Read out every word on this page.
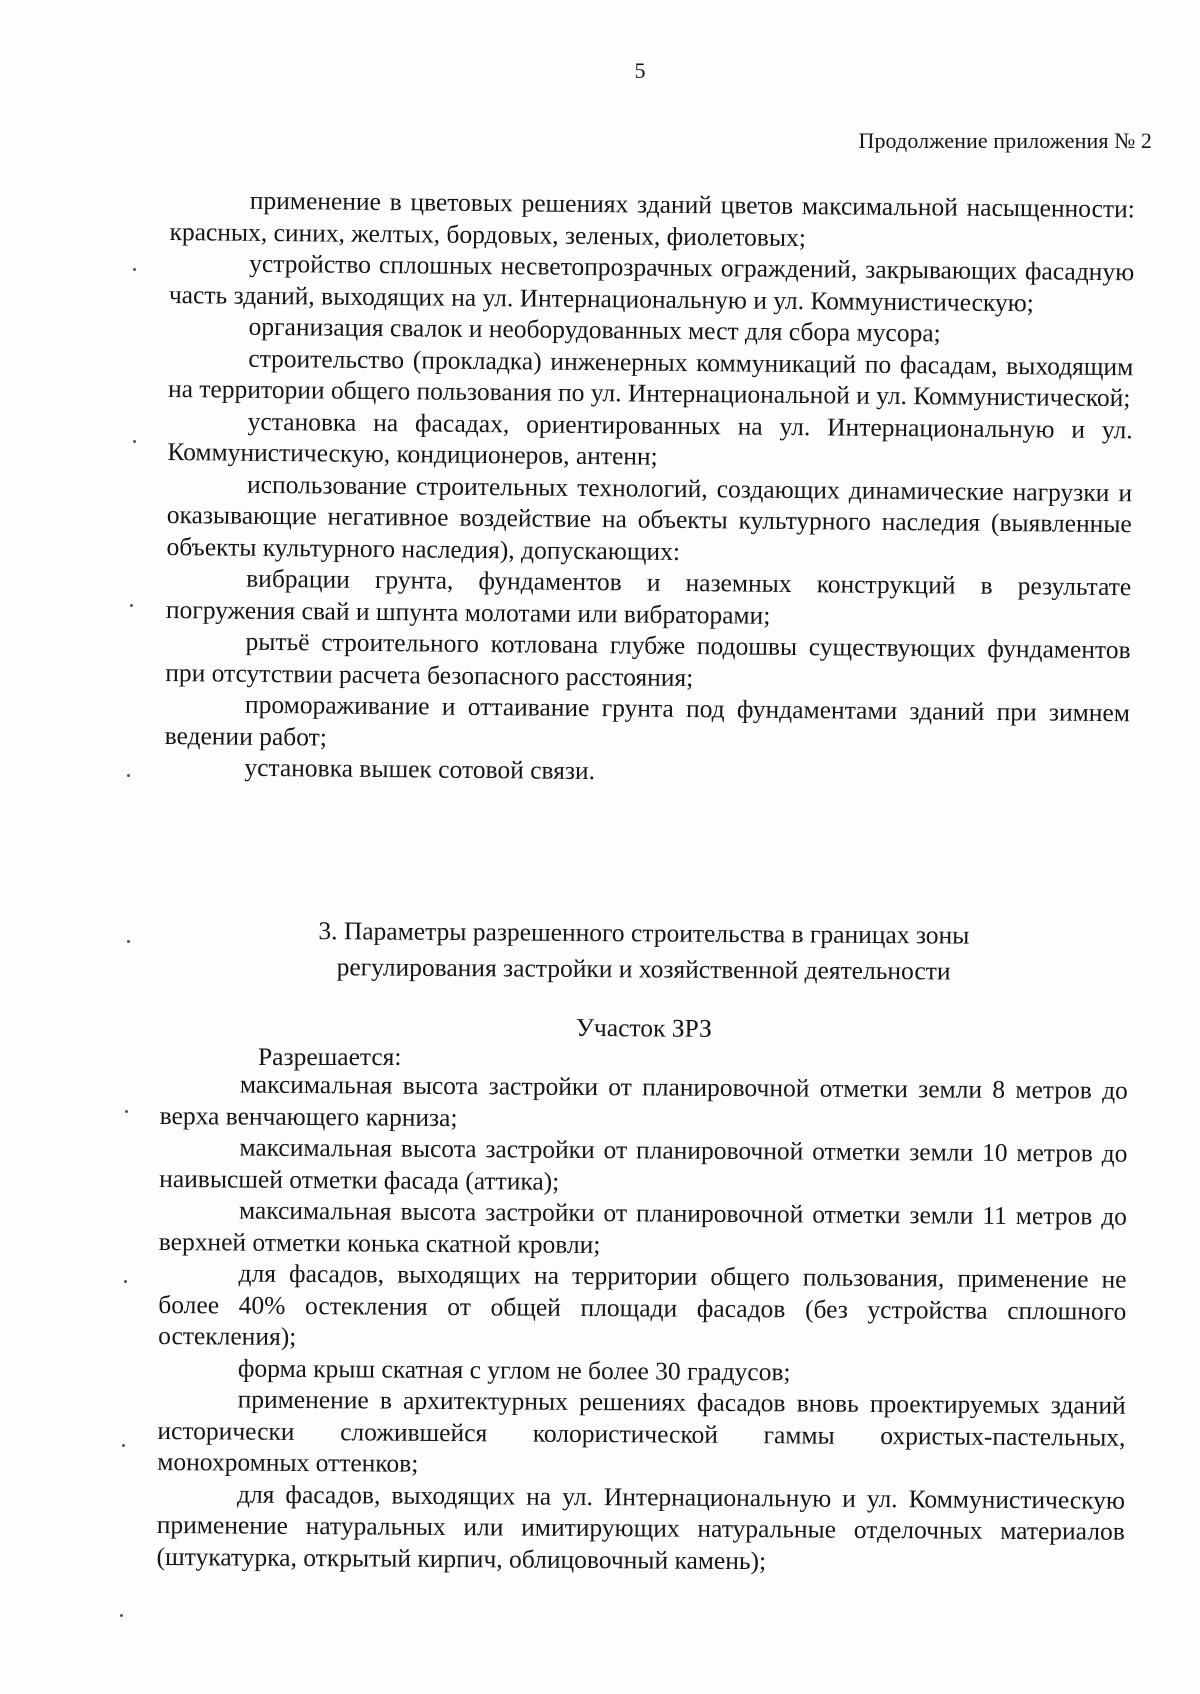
5
Продолжение приложения № 2

применение в цветовых решениях зданий цветов максимальной насыщенности: красных, синих, желтых, бордовых, зеленых, фиолетовых;

устройство сплошных несветопрозрачных ограждений, закрывающих фасадную часть зданий, выходящих на ул. Интернациональную и ул. Коммунистическую;

организация свалок и необорудованных мест для сбора мусора;

строительство (прокладка) инженерных коммуникаций по фасадам, выходящим на территории общего пользования по ул. Интернациональной и ул. Коммунистической;

установка на фасадах, ориентированных на ул. Интернациональную и ул. Коммунистическую, кондиционеров, антенн;

использование строительных технологий, создающих динамические нагрузки и оказывающие негативное воздействие на объекты культурного наследия (выявленные объекты культурного наследия), допускающих:

вибрации грунта, фундаментов и наземных конструкций в результате погружения свай и шпунта молотами или вибраторами;

рытьё строительного котлована глубже подошвы существующих фундаментов при отсутствии расчета безопасного расстояния;

промораживание и оттаивание грунта под фундаментами зданий при зимнем ведении работ;

установка вышек сотовой связи.

3. Параметры разрешенного строительства в границах зоны
регулирования застройки и хозяйственной деятельности
Участок ЗРЗ
Разрешается:

максимальная высота застройки от планировочной отметки земли 8 метров до верха венчающего карниза;

максимальная высота застройки от планировочной отметки земли 10 метров до наивысшей отметки фасада (аттика);

максимальная высота застройки от планировочной отметки земли 11 метров до верхней отметки конька скатной кровли;

для фасадов, выходящих на территории общего пользования, применение не более 40% остекления от общей площади фасадов (без устройства сплошного остекления);

форма крыш скатная с углом не более 30 градусов;

применение в архитектурных решениях фасадов вновь проектируемых зданий исторически сложившейся колористической гаммы охристых-пастельных, монохромных оттенков;

для фасадов, выходящих на ул. Интернациональную и ул. Коммунистическую применение натуральных или имитирующих натуральные отделочных материалов (штукатурка, открытый кирпич, облицовочный камень);
